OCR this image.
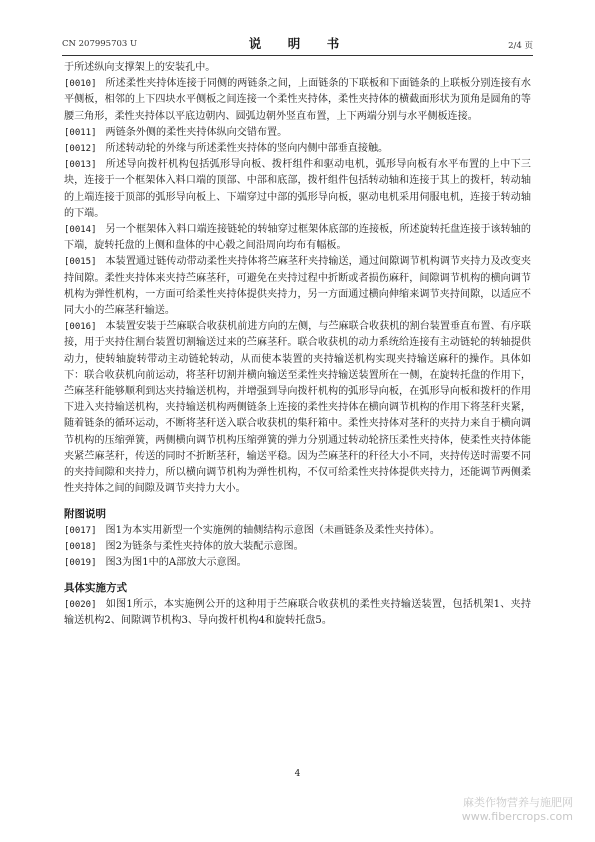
CN 207995703 U	说　明　书	2/4 页

于所述纵向支撑架上的安装孔中。

[0010] 所述柔性夹持体连接于同侧的两链条之间，上面链条的下联板和下面链条的上联板分别连接有水平侧板，相邻的上下四块水平侧板之间连接一个柔性夹持体，柔性夹持体的横截面形状为顶角是圆角的等腰三角形，柔性夹持体以平底边朝内、圆弧边朝外竖直布置，上下两端分别与水平侧板连接。

[0011] 两链条外侧的柔性夹持体纵向交错布置。

[0012] 所述转动轮的外缘与所述柔性夹持体的竖向内侧中部垂直接触。

[0013] 所述导向拨杆机构包括弧形导向板、拨杆组件和驱动电机，弧形导向板有水平布置的上中下三块，连接于一个框架体入料口端的顶部、中部和底部，拨杆组件包括转动轴和连接于其上的拨杆，转动轴的上端连接于顶部的弧形导向板上、下端穿过中部的弧形导向板，驱动电机采用伺服电机，连接于转动轴的下端。

[0014] 另一个框架体入料口端连接链轮的转轴穿过框架体底部的连接板，所述旋转托盘连接于该转轴的下端，旋转托盘的上侧和盘体的中心毂之间沿周向均布有幅板。

[0015] 本装置通过链传动带动柔性夹持体将苎麻茎秆夹持输送，通过间隙调节机构调节夹持力及改变夹持间隙。柔性夹持体来夹持苎麻茎秆，可避免在夹持过程中折断或者损伤麻秆，间隙调节机构的横向调节机构为弹性机构，一方面可给柔性夹持体提供夹持力，另一方面通过横向伸缩来调节夹持间隙，以适应不同大小的苎麻茎秆输送。

[0016] 本装置安装于苎麻联合收获机前进方向的左侧，与苎麻联合收获机的割台装置垂直布置、有序联接，用于夹持住割台装置切割输送过来的苎麻茎秆。联合收获机的动力系统给连接有主动链轮的转轴提供动力，使转轴旋转带动主动链轮转动，从而使本装置的夹持输送机构实现夹持输送麻秆的操作。具体如下：联合收获机向前运动，将茎秆切割并横向输送至柔性夹持输送装置所在一侧，在旋转托盘的作用下，苎麻茎秆能够顺利到达夹持输送机构，并增强到导向拨杆机构的弧形导向板，在弧形导向板和拨杆的作用下进入夹持输送机构，夹持输送机构两侧链条上连接的柔性夹持体在横向调节机构的作用下将茎秆夹紧，随着链条的循环运动，不断将茎秆送入联合收获机的集秆箱中。柔性夹持体对茎秆的夹持力来自于横向调节机构的压缩弹簧，两侧横向调节机构压缩弹簧的弹力分别通过转动轮挤压柔性夹持体，使柔性夹持体能夹紧苎麻茎秆，传送的同时不折断茎秆，输送平稳。因为苎麻茎秆的秆径大小不同，夹持传送时需要不同的夹持间隙和夹持力，所以横向调节机构为弹性机构，不仅可给柔性夹持体提供夹持力，还能调节两侧柔性夹持体之间的间隙及调节夹持力大小。

附图说明

[0017] 图1为本实用新型一个实施例的轴侧结构示意图（未画链条及柔性夹持体）。

[0018] 图2为链条与柔性夹持体的放大装配示意图。

[0019] 图3为图1中的A部放大示意图。

具体实施方式

[0020] 如图1所示，本实施例公开的这种用于苎麻联合收获机的柔性夹持输送装置，包括机架1、夹持输送机构2、间隙调节机构3、导向拨杆机构4和旋转托盘5。

4
麻类作物营养与施肥网
www.fibercrops.com
